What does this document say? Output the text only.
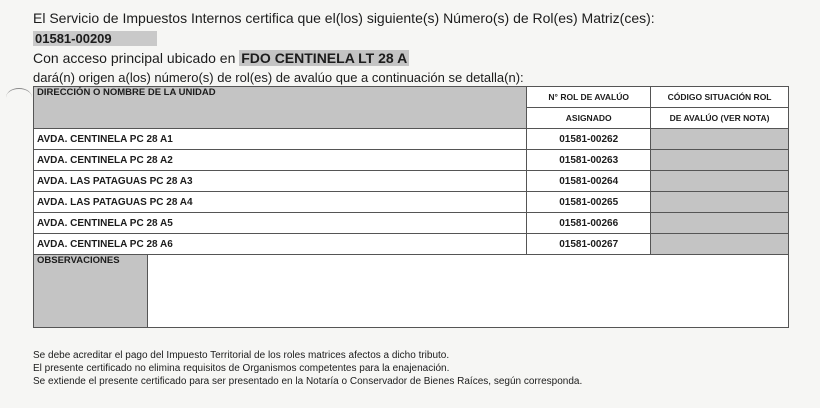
El Servicio de Impuestos Internos certifica que el(los) siguiente(s) Número(s) de Rol(es) Matriz(ces):
01581-00209
Con acceso principal ubicado en FDO CENTINELA LT 28 A
dará(n) origen a(los) número(s) de rol(es) de avalúo que a continuación se detalla(n):
DIRECCIÓN O NOMBRE DE LA UNIDAD	N° ROL DE AVALÚO	CÓDIGO SITUACIÓN ROL
	ASIGNADO	DE AVALÚO (VER NOTA)
AVDA. CENTINELA PC 28 A1	01581-00262	
AVDA. CENTINELA PC 28 A2	01581-00263	
AVDA. LAS PATAGUAS PC 28 A3	01581-00264	
AVDA. LAS PATAGUAS PC 28 A4	01581-00265	
AVDA. CENTINELA PC 28 A5	01581-00266	
AVDA. CENTINELA PC 28 A6	01581-00267	

OBSERVACIONES		
Se debe acreditar el pago del Impuesto Territorial de los roles matrices afectos a dicho tributo.
El presente certificado no elimina requisitos de Organismos competentes para la enajenación.
Se extiende el presente certificado para ser presentado en la Notaría o Conservador de Bienes Raíces, según corresponda.
